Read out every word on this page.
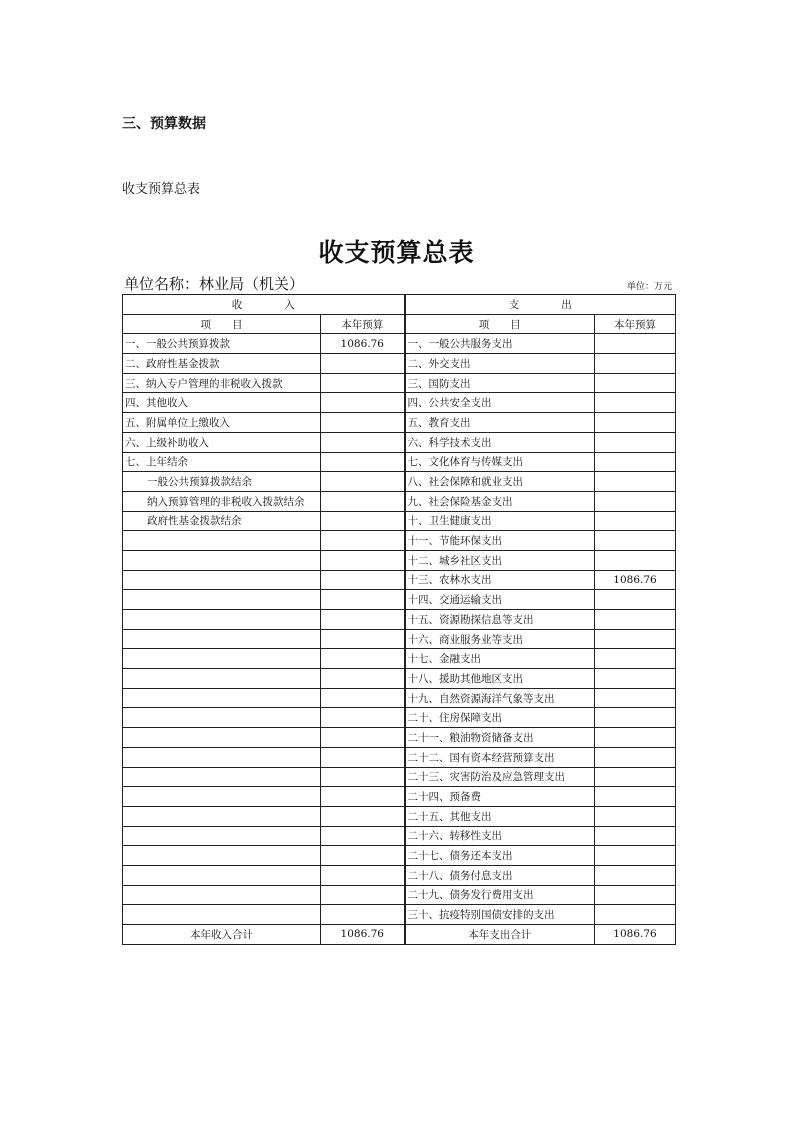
三、预算数据
收支预算总表
收支预算总表
单位名称：林业局（机关）	单位：万元
收　　　　入		支　　　　出	
项　　目	本年预算	项　　目	本年预算
一、一般公共预算拨款	1086.76	一、一般公共服务支出	
二、政府性基金拨款		二、外交支出	
三、纳入专户管理的非税收入拨款		三、国防支出	
四、其他收入		四、公共安全支出	
五、附属单位上缴收入		五、教育支出	
六、上级补助收入		六、科学技术支出	
七、上年结余		七、文化体育与传媒支出	
一般公共预算拨款结余		八、社会保障和就业支出	
纳入预算管理的非税收入拨款结余		九、社会保险基金支出	
政府性基金拨款结余		十、卫生健康支出	
		十一、节能环保支出	
		十二、城乡社区支出	
		十三、农林水支出	1086.76
		十四、交通运输支出	
		十五、资源勘探信息等支出	
		十六、商业服务业等支出	
		十七、金融支出	
		十八、援助其他地区支出	
		十九、自然资源海洋气象等支出	
		二十、住房保障支出	
		二十一、粮油物资储备支出	
		二十二、国有资本经营预算支出	
		二十三、灾害防治及应急管理支出	
		二十四、预备费	
		二十五、其他支出	
		二十六、转移性支出	
		二十七、债务还本支出	
		二十八、债务付息支出	
		二十九、债务发行费用支出	
		三十、抗疫特别国债安排的支出	
本年收入合计	1086.76	本年支出合计	1086.76
